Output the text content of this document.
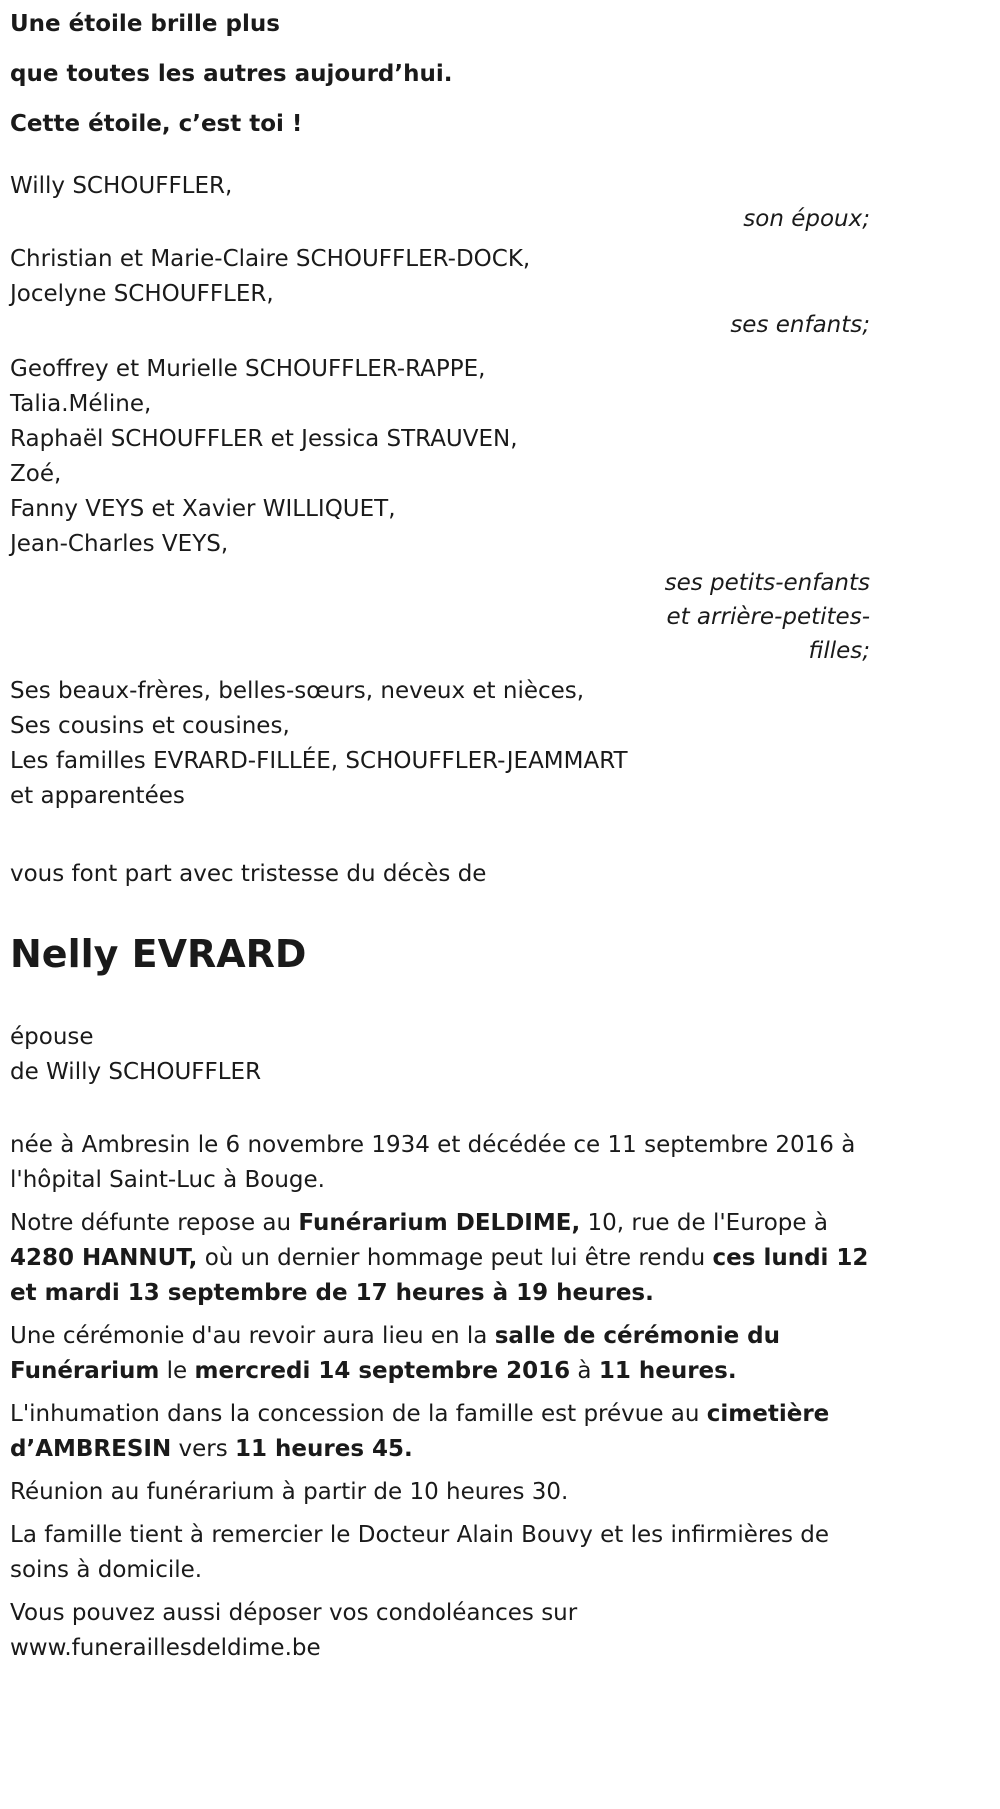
Une étoile brille plus

que toutes les autres aujourd’hui.

Cette étoile, c’est toi !

Willy SCHOUFFLER,
son époux;
Christian et Marie-Claire SCHOUFFLER-DOCK,
Jocelyne SCHOUFFLER,
ses enfants;
Geoffrey et Murielle SCHOUFFLER-RAPPE,
Talia.Méline,
Raphaël SCHOUFFLER et Jessica STRAUVEN,
Zoé,
Fanny VEYS et Xavier WILLIQUET,
Jean-Charles VEYS,
ses petits-enfants
et arrière-petites-
filles;
Ses beaux-frères, belles-sœurs, neveux et nièces,
Ses cousins et cousines,
Les familles EVRARD-FILLÉE, SCHOUFFLER-JEAMMART
et apparentées
vous font part avec tristesse du décès de
Nelly EVRARD
épouse
de Willy SCHOUFFLER
née à Ambresin le 6 novembre 1934 et décédée ce 11 septembre 2016 à
l'hôpital Saint-Luc à Bouge.
Notre défunte repose au Funérarium DELDIME, 10, rue de l'Europe à
4280 HANNUT, où un dernier hommage peut lui être rendu ces lundi 12
et mardi 13 septembre de 17 heures à 19 heures.
Une cérémonie d'au revoir aura lieu en la salle de cérémonie du
Funérarium le mercredi 14 septembre 2016 à 11 heures.
L'inhumation dans la concession de la famille est prévue au cimetière
d’AMBRESIN vers 11 heures 45.
Réunion au funérarium à partir de 10 heures 30.
La famille tient à remercier le Docteur Alain Bouvy et les infirmières de
soins à domicile.
Vous pouvez aussi déposer vos condoléances sur
www.funeraillesdeldime.be
